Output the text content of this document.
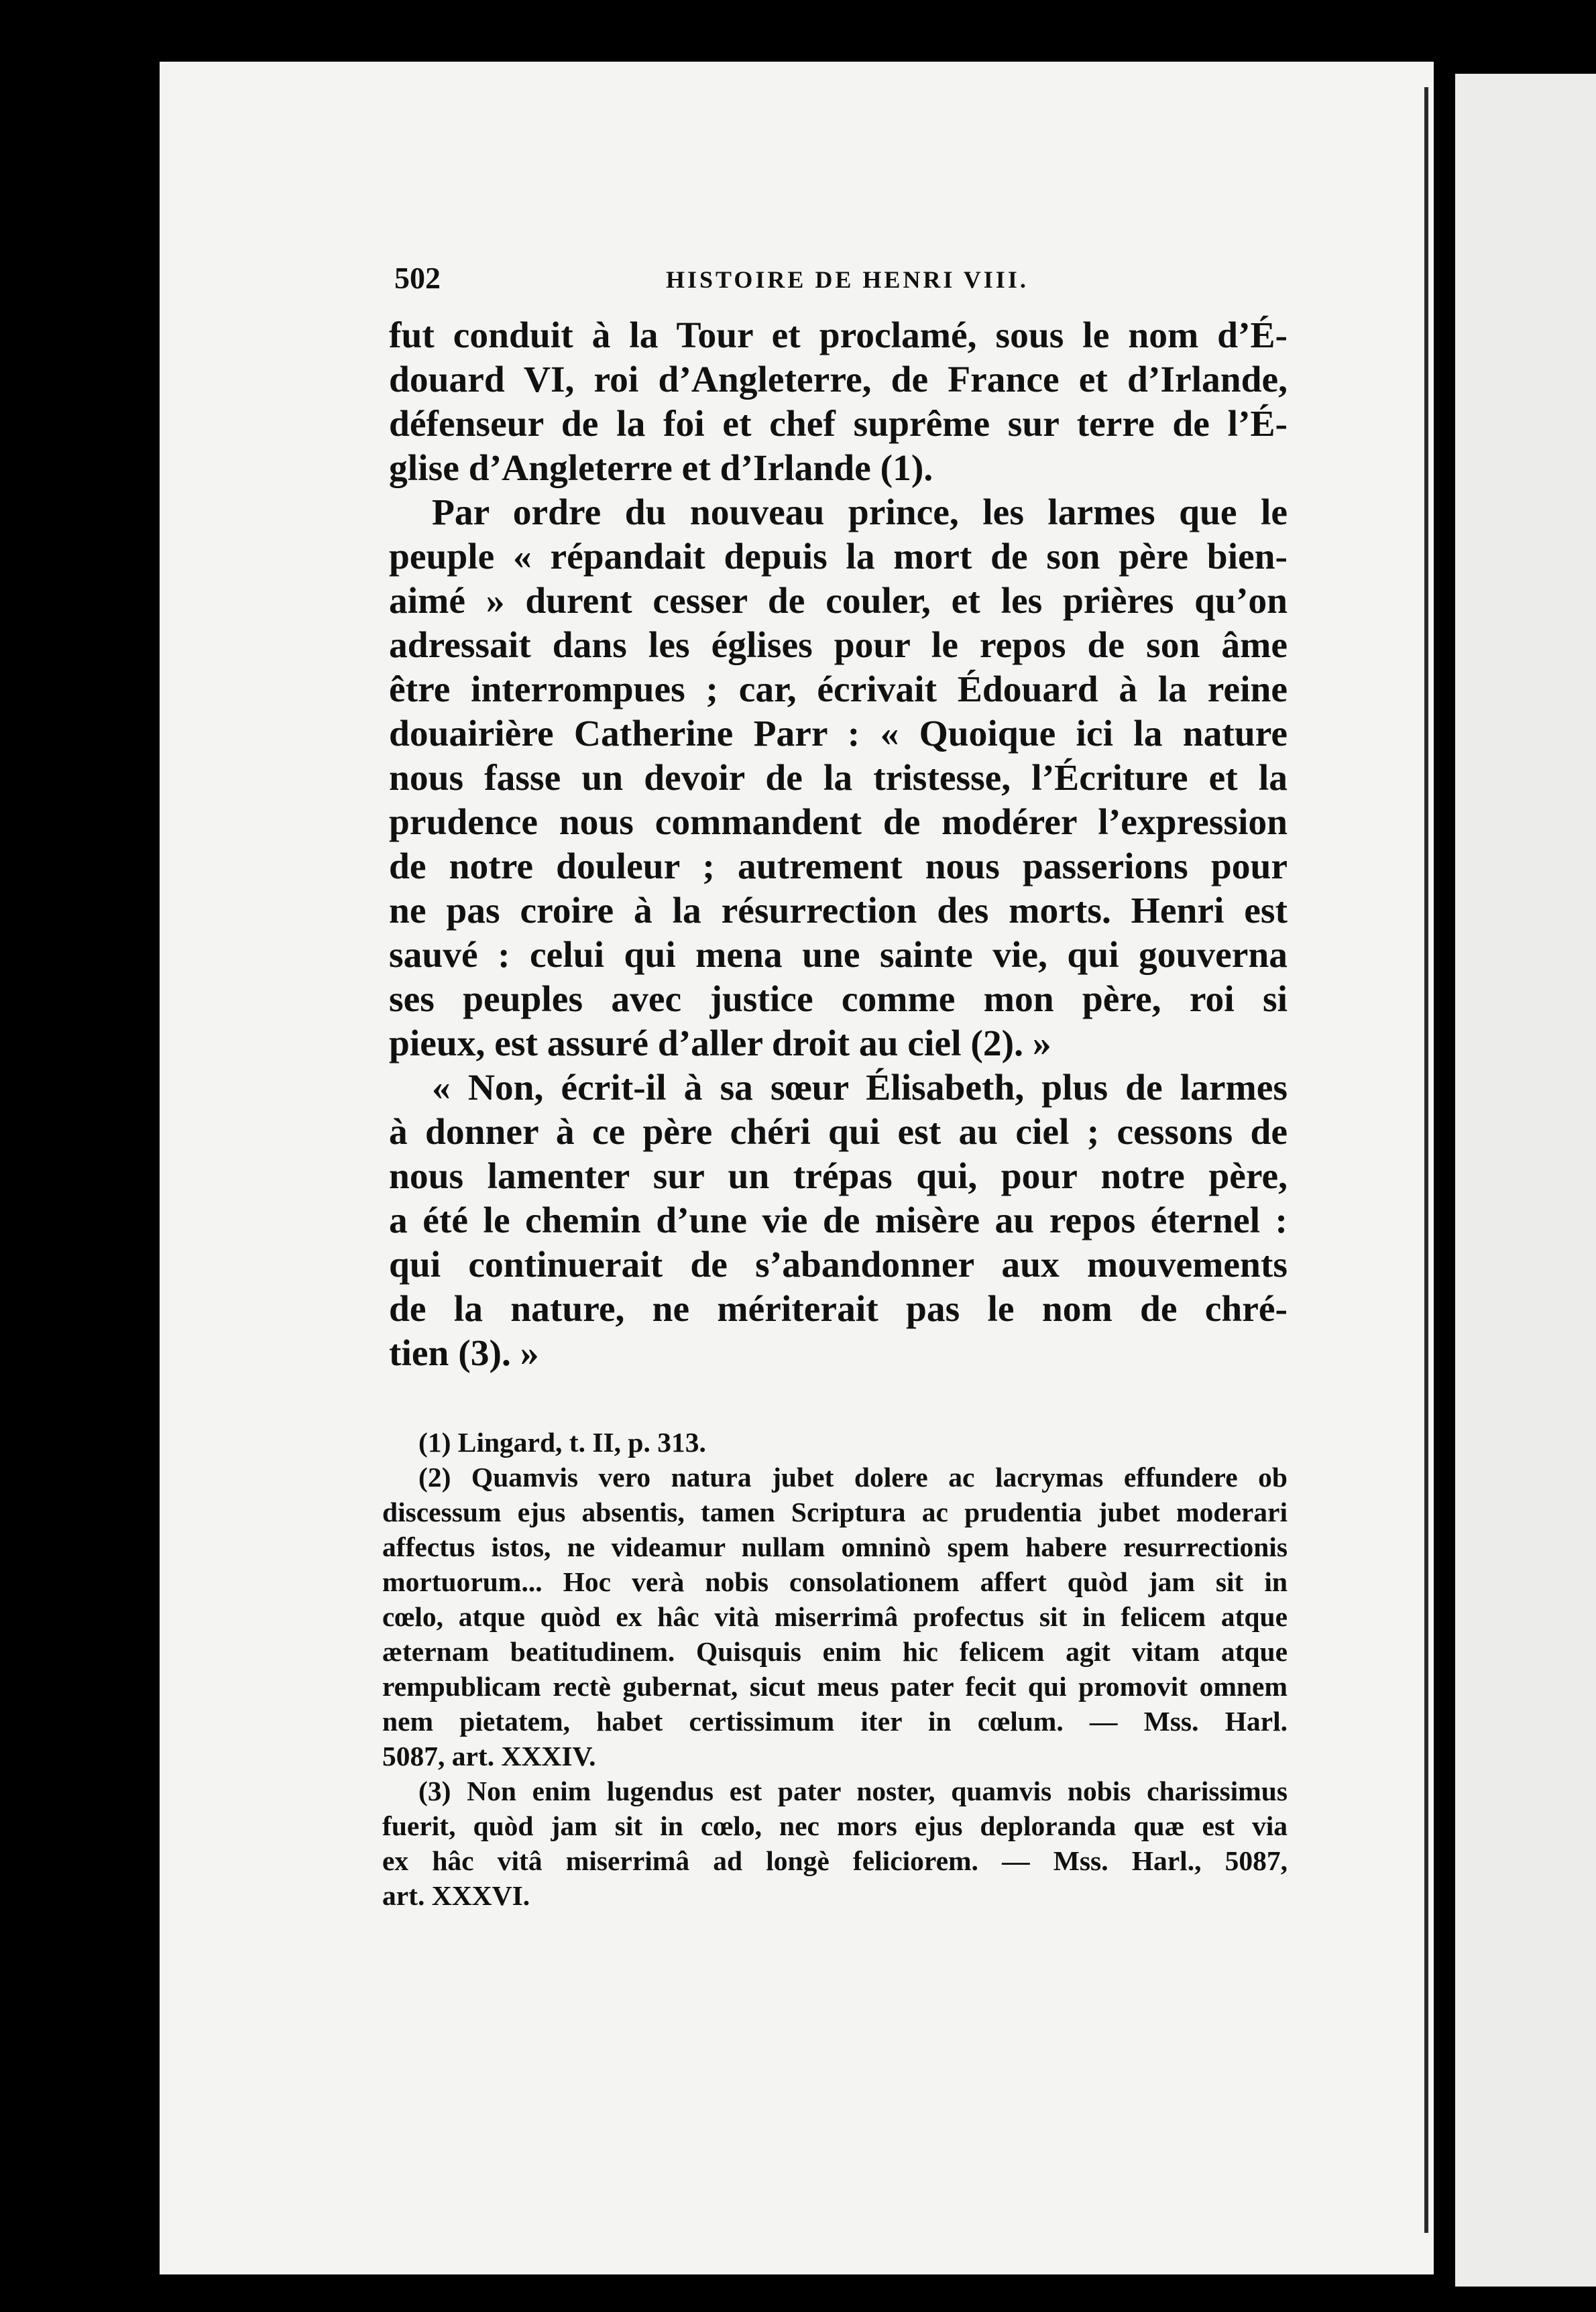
502	HISTOIRE DE HENRI VIII.
fut conduit à la Tour et proclamé, sous le nom d’É-
douard VI, roi d’Angleterre, de France et d’Irlande,
défenseur de la foi et chef suprême sur terre de l’É-
glise d’Angleterre et d’Irlande (1).
Par ordre du nouveau prince, les larmes que le
peuple « répandait depuis la mort de son père bien-
aimé » durent cesser de couler, et les prières qu’on
adressait dans les églises pour le repos de son âme
être interrompues ; car, écrivait Édouard à la reine
douairière Catherine Parr : « Quoique ici la nature
nous fasse un devoir de la tristesse, l’Écriture et la
prudence nous commandent de modérer l’expression
de notre douleur ; autrement nous passerions pour
ne pas croire à la résurrection des morts. Henri est
sauvé : celui qui mena une sainte vie, qui gouverna
ses peuples avec justice comme mon père, roi si
pieux, est assuré d’aller droit au ciel (2). »
« Non, écrit-il à sa sœur Élisabeth, plus de larmes
à donner à ce père chéri qui est au ciel ; cessons de
nous lamenter sur un trépas qui, pour notre père,
a été le chemin d’une vie de misère au repos éternel :
qui continuerait de s’abandonner aux mouvements
de la nature, ne mériterait pas le nom de chré-
tien (3). »
(1) Lingard, t. II, p. 313.
(2) Quamvis vero natura jubet dolere ac lacrymas effundere ob
discessum ejus absentis, tamen Scriptura ac prudentia jubet moderari
affectus istos, ne videamur nullam omninò spem habere resurrectionis
mortuorum... Hoc verà nobis consolationem affert quòd jam sit in
cœlo, atque quòd ex hâc vità miserrimâ profectus sit in felicem atque
æternam beatitudinem. Quisquis enim hic felicem agit vitam atque
rempublicam rectè gubernat, sicut meus pater fecit qui promovit omnem
nem pietatem, habet certissimum iter in cœlum. — Mss. Harl.
5087, art. XXXIV.
(3) Non enim lugendus est pater noster, quamvis nobis charissimus
fuerit, quòd jam sit in cœlo, nec mors ejus deploranda quæ est via
ex hâc vitâ miserrimâ ad longè feliciorem. — Mss. Harl., 5087,
art. XXXVI.
